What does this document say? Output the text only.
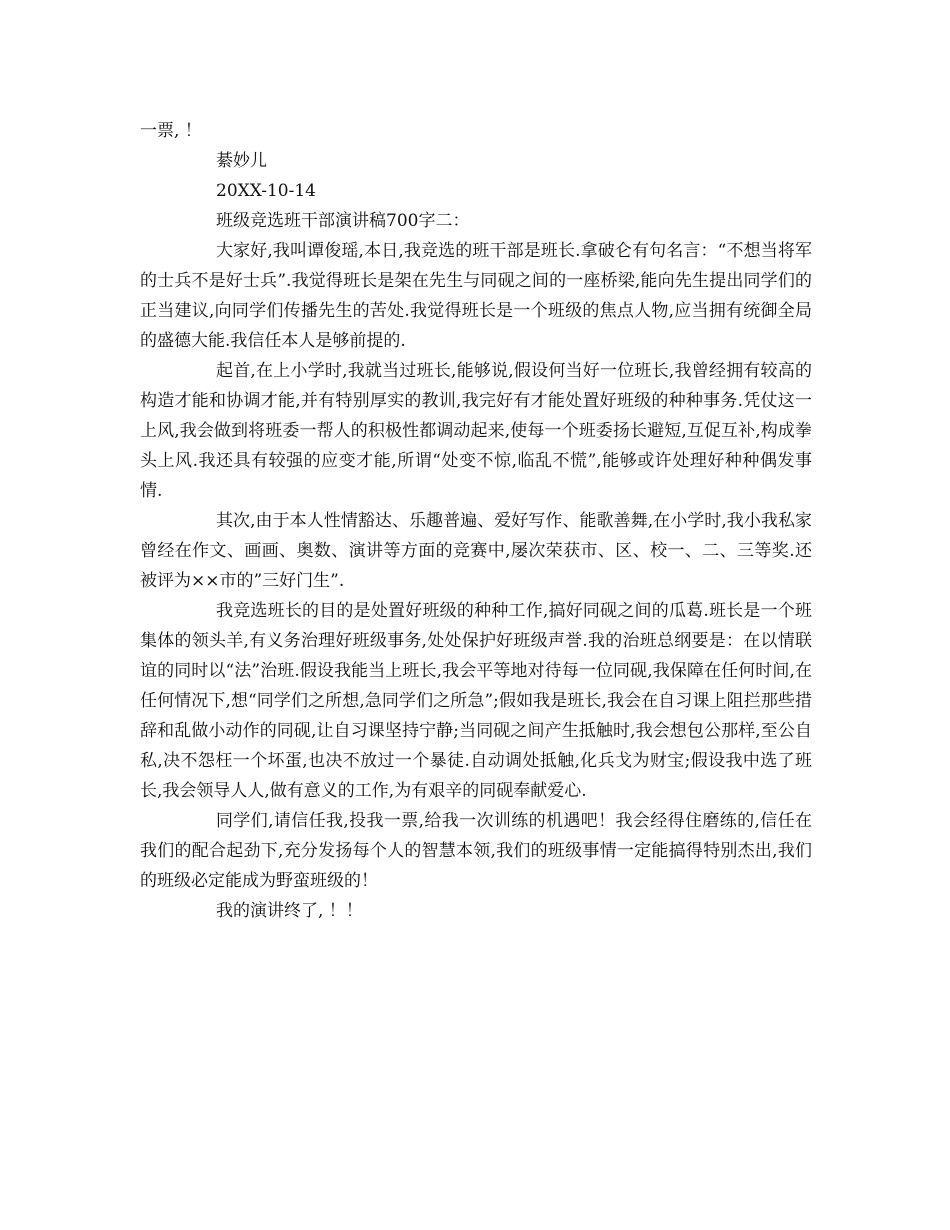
一票, ！

綦妙儿

20XX-10-14

班级竞选班干部演讲稿700字二：

大家好,我叫谭俊瑶,本日,我竞选的班干部是班长.拿破仑有句名言：“不想当将军的士兵不是好士兵”.我觉得班长是架在先生与同砚之间的一座桥梁,能向先生提出同学们的正当建议,向同学们传播先生的苦处.我觉得班长是一个班级的焦点人物,应当拥有统御全局的盛德大能.我信任本人是够前提的.

起首,在上小学时,我就当过班长,能够说,假设何当好一位班长,我曾经拥有较高的构造才能和协调才能,并有特别厚实的教训,我完好有才能处置好班级的种种事务.凭仗这一上风,我会做到将班委一帮人的积极性都调动起来,使每一个班委扬长避短,互促互补,构成拳头上风.我还具有较强的应变才能,所谓“处变不惊,临乱不慌”,能够或许处理好种种偶发事情.

其次,由于本人性情豁达、乐趣普遍、爱好写作、能歌善舞,在小学时,我小我私家曾经在作文、画画、奥数、演讲等方面的竞赛中,屡次荣获市、区、校一、二、三等奖.还被评为××市的”三好门生”.

我竞选班长的目的是处置好班级的种种工作,搞好同砚之间的瓜葛.班长是一个班集体的领头羊,有义务治理好班级事务,处处保护好班级声誉.我的治班总纲要是：在以情联谊的同时以“法”治班.假设我能当上班长,我会平等地对待每一位同砚,我保障在任何时间,在任何情况下,想“同学们之所想,急同学们之所急”;假如我是班长,我会在自习课上阻拦那些措辞和乱做小动作的同砚,让自习课坚持宁静;当同砚之间产生抵触时,我会想包公那样,至公自私,决不怨枉一个坏蛋,也决不放过一个暴徒.自动调处抵触,化兵戈为财宝;假设我中选了班长,我会领导人人,做有意义的工作,为有艰辛的同砚奉献爱心.

同学们,请信任我,投我一票,给我一次训练的机遇吧！我会经得住磨练的,信任在我们的配合起劲下,充分发扬每个人的智慧本领,我们的班级事情一定能搞得特别杰出,我们的班级必定能成为野蛮班级的！

我的演讲终了, ！！
